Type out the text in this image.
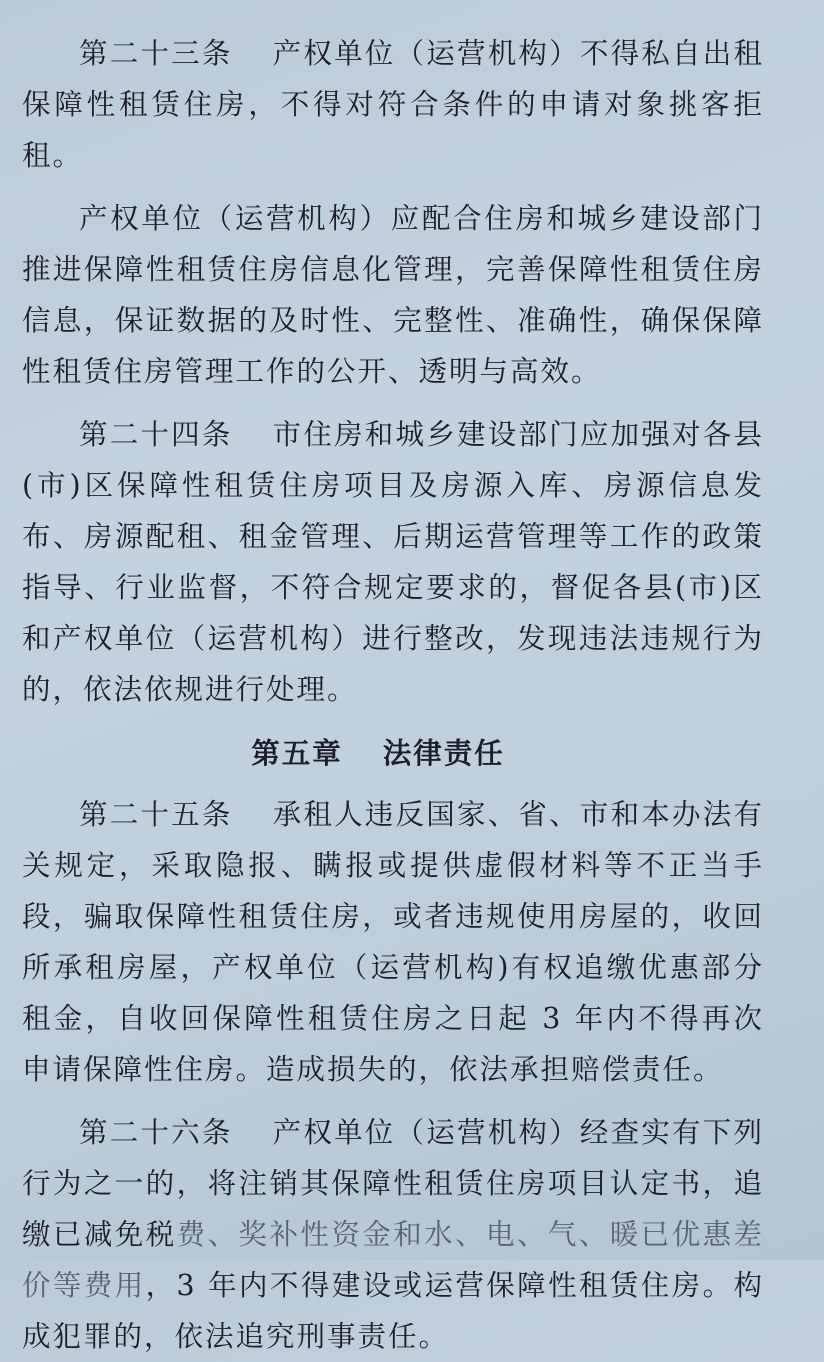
第二十三条 产权单位（运营机构）不得私自出租保障性租赁住房，不得对符合条件的申请对象挑客拒租。

产权单位（运营机构）应配合住房和城乡建设部门推进保障性租赁住房信息化管理，完善保障性租赁住房信息，保证数据的及时性、完整性、准确性，确保保障性租赁住房管理工作的公开、透明与高效。

第二十四条 市住房和城乡建设部门应加强对各县(市)区保障性租赁住房项目及房源入库、房源信息发布、房源配租、租金管理、后期运营管理等工作的政策指导、行业监督，不符合规定要求的，督促各县(市)区和产权单位（运营机构）进行整改，发现违法违规行为的，依法依规进行处理。

第五章 法律责任

第二十五条 承租人违反国家、省、市和本办法有关规定，采取隐报、瞒报或提供虚假材料等不正当手段，骗取保障性租赁住房，或者违规使用房屋的，收回所承租房屋，产权单位（运营机构)有权追缴优惠部分租金，自收回保障性租赁住房之日起 3 年内不得再次申请保障性住房。造成损失的，依法承担赔偿责任。

第二十六条 产权单位（运营机构）经查实有下列行为之一的，将注销其保障性租赁住房项目认定书，追缴已减免税费、奖补性资金和水、电、气、暖已优惠差价等费用，3 年内不得建设或运营保障性租赁住房。构成犯罪的，依法追究刑事责任。
